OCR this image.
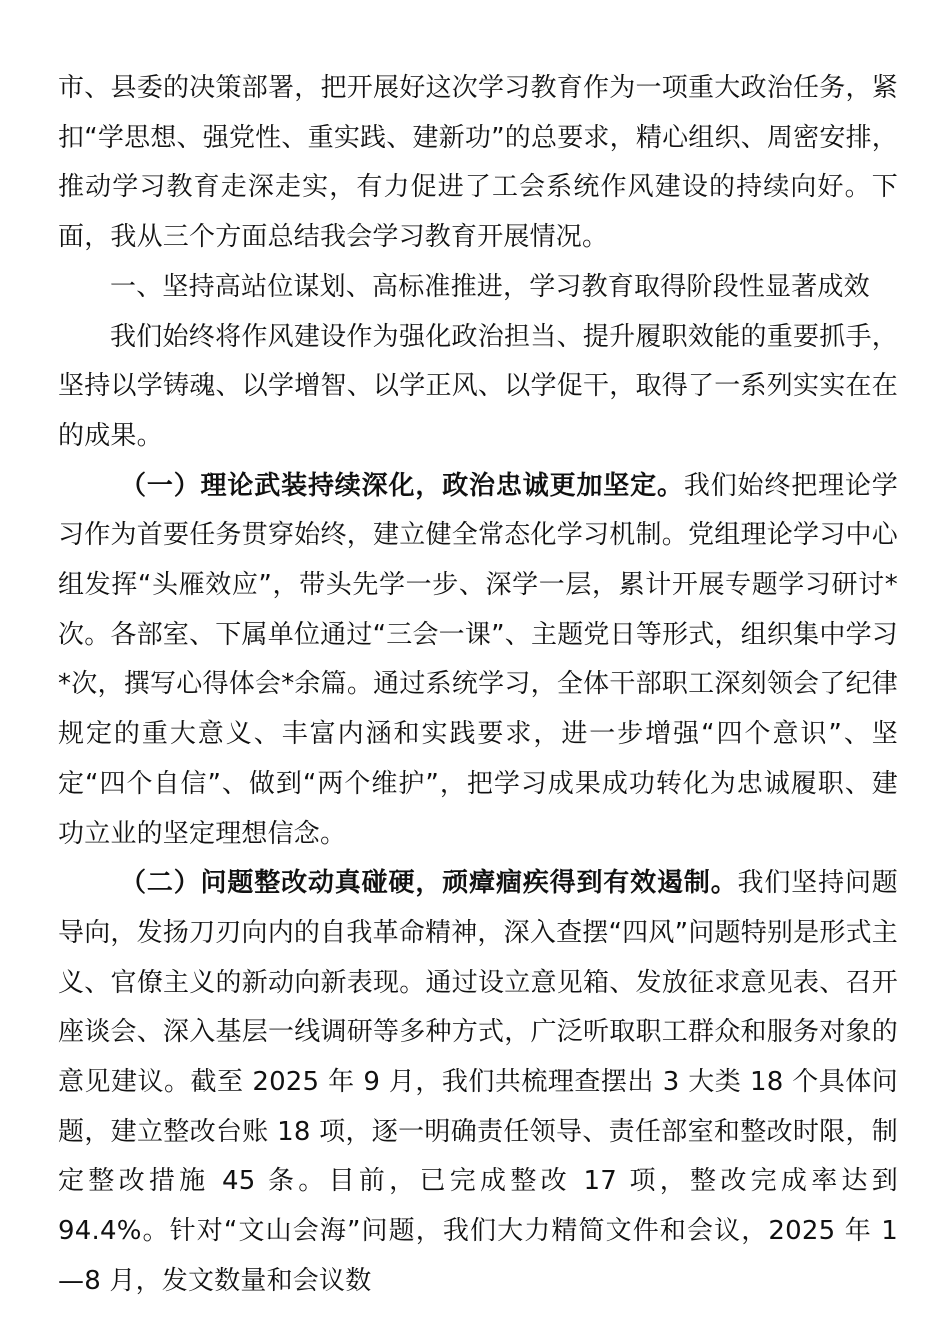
市、县委的决策部署，把开展好这次学习教育作为一项重大政治任务，紧扣“学思想、强党性、重实践、建新功”的总要求，精心组织、周密安排，推动学习教育走深走实，有力促进了工会系统作风建设的持续向好。下面，我从三个方面总结我会学习教育开展情况。

一、坚持高站位谋划、高标准推进，学习教育取得阶段性显著成效

我们始终将作风建设作为强化政治担当、提升履职效能的重要抓手，坚持以学铸魂、以学增智、以学正风、以学促干，取得了一系列实实在在的成果。

（一）理论武装持续深化，政治忠诚更加坚定。我们始终把理论学习作为首要任务贯穿始终，建立健全常态化学习机制。党组理论学习中心组发挥“头雁效应”，带头先学一步、深学一层，累计开展专题学习研讨*次。各部室、下属单位通过“三会一课”、主题党日等形式，组织集中学习*次，撰写心得体会*余篇。通过系统学习，全体干部职工深刻领会了纪律规定的重大意义、丰富内涵和实践要求，进一步增强“四个意识”、坚定“四个自信”、做到“两个维护”，把学习成果成功转化为忠诚履职、建功立业的坚定理想信念。

（二）问题整改动真碰硬，顽瘴痼疾得到有效遏制。我们坚持问题导向，发扬刀刃向内的自我革命精神，深入查摆“四风”问题特别是形式主义、官僚主义的新动向新表现。通过设立意见箱、发放征求意见表、召开座谈会、深入基层一线调研等多种方式，广泛听取职工群众和服务对象的意见建议。截至 2025 年 9 月，我们共梳理查摆出 3 大类 18 个具体问题，建立整改台账 18 项，逐一明确责任领导、责任部室和整改时限，制定整改措施 45 条。目前，已完成整改 17 项，整改完成率达到 94.4%。针对“文山会海”问题，我们大力精简文件和会议，2025 年 1—8 月，发文数量和会议数
